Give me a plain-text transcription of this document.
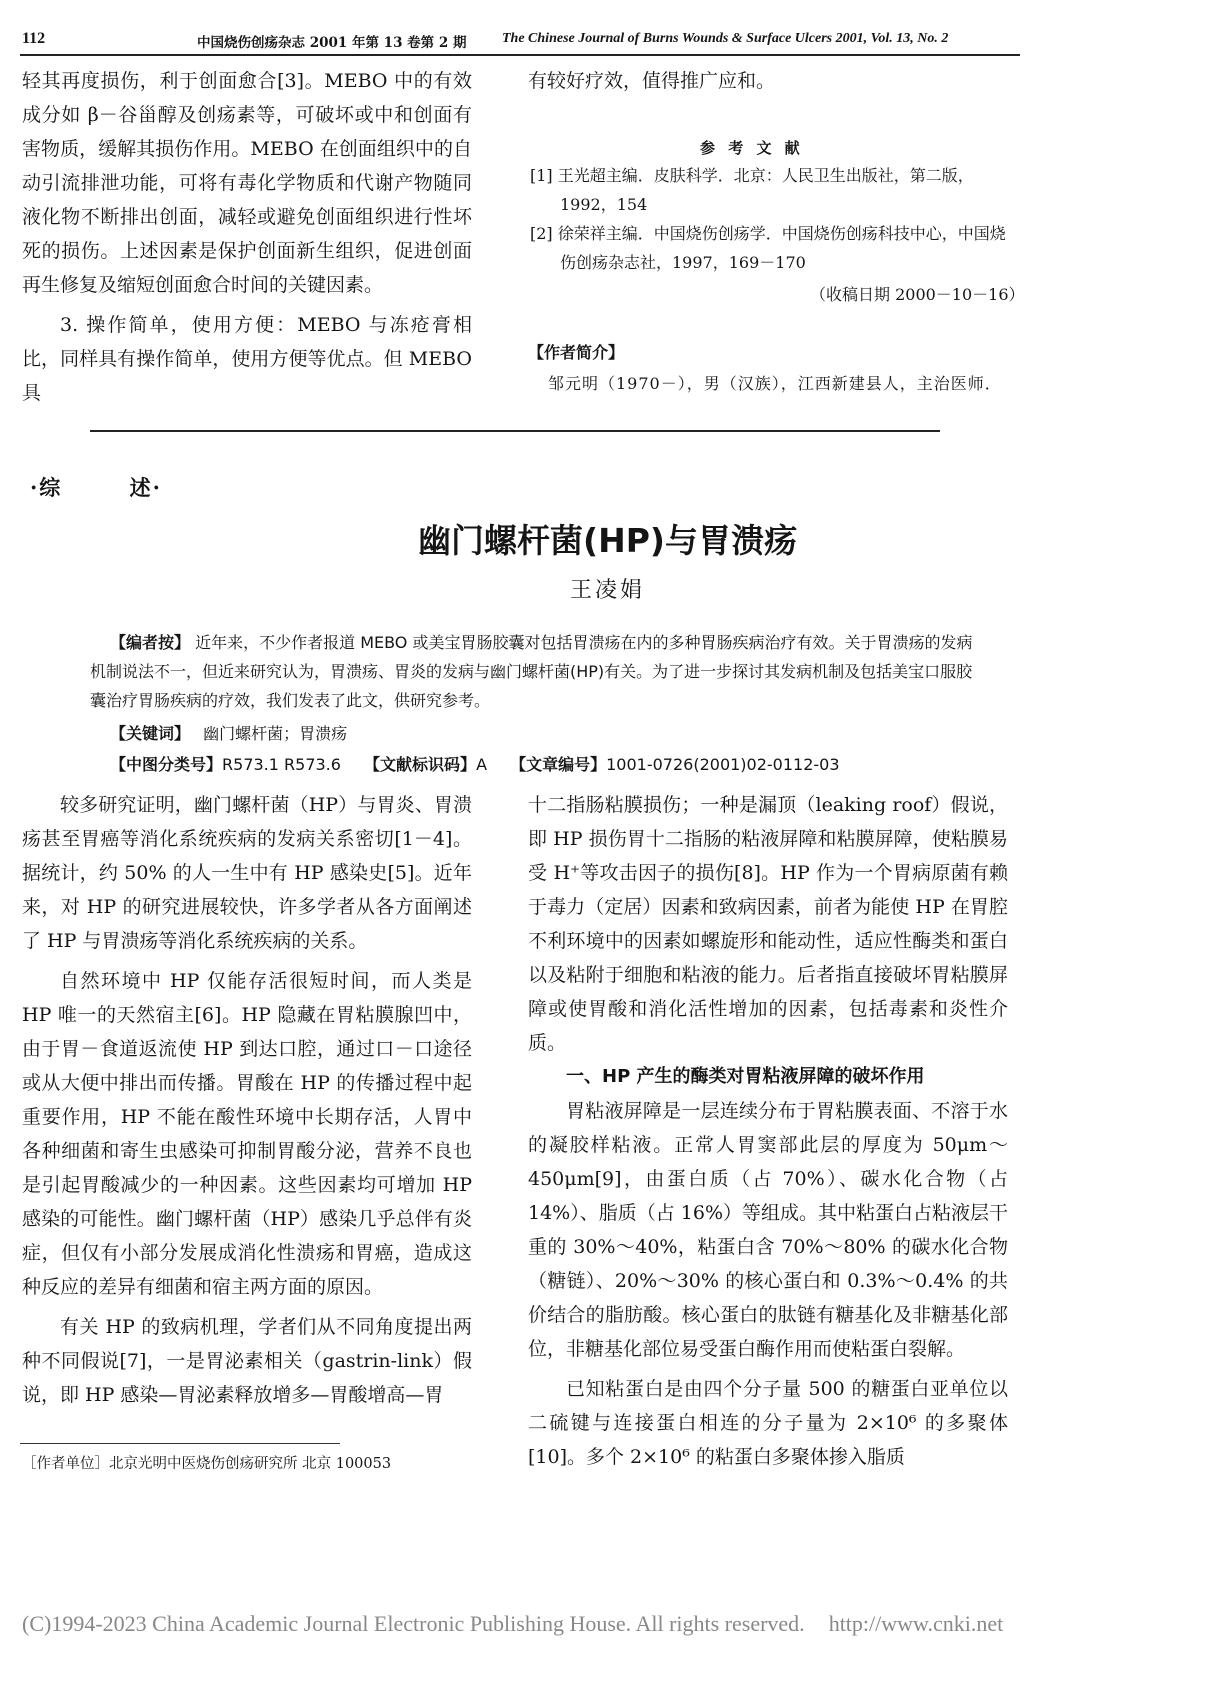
112	中国烧伤创疡杂志 2001 年第 13 卷第 2 期	The Chinese Journal of Burns Wounds & Surface Ulcers 2001, Vol. 13, No. 2

轻其再度损伤，利于创面愈合[3]。MEBO 中的有效成分如 β－谷甾醇及创疡素等，可破坏或中和创面有害物质，缓解其损伤作用。MEBO 在创面组织中的自动引流排泄功能，可将有毒化学物质和代谢产物随同液化物不断排出创面，减轻或避免创面组织进行性坏死的损伤。上述因素是保护创面新生组织，促进创面再生修复及缩短创面愈合时间的关键因素。

3. 操作简单，使用方便：MEBO 与冻疮膏相比，同样具有操作简单，使用方便等优点。但 MEBO 具

有较好疗效，值得推广应和。

参 考 文 献

[1] 王光超主编．皮肤科学．北京：人民卫生出版社，第二版，1992，154

[2] 徐荣祥主编．中国烧伤创疡学．中国烧伤创疡科技中心，中国烧伤创疡杂志社，1997，169－170

（收稿日期 2000－10－16）
【作者简介】
邹元明（1970－），男（汉族），江西新建县人，主治医师．
·综	述·
幽门螺杆菌(HP)与胃溃疡
王凌娟

【编者按】 近年来，不少作者报道 MEBO 或美宝胃肠胶囊对包括胃溃疡在内的多种胃肠疾病治疗有效。关于胃溃疡的发病机制说法不一，但近来研究认为，胃溃疡、胃炎的发病与幽门螺杆菌(HP)有关。为了进一步探讨其发病机制及包括美宝口服胶囊治疗胃肠疾病的疗效，我们发表了此文，供研究参考。

【关键词】 幽门螺杆菌；胃溃疡
【中图分类号】R573.1 R573.6 【文献标识码】A 【文章编号】1001-0726(2001)02-0112-03

较多研究证明，幽门螺杆菌（HP）与胃炎、胃溃疡甚至胃癌等消化系统疾病的发病关系密切[1－4]。据统计，约 50% 的人一生中有 HP 感染史[5]。近年来，对 HP 的研究进展较快，许多学者从各方面阐述了 HP 与胃溃疡等消化系统疾病的关系。

自然环境中 HP 仅能存活很短时间，而人类是 HP 唯一的天然宿主[6]。HP 隐藏在胃粘膜腺凹中，由于胃－食道返流使 HP 到达口腔，通过口－口途径或从大便中排出而传播。胃酸在 HP 的传播过程中起重要作用，HP 不能在酸性环境中长期存活，人胃中各种细菌和寄生虫感染可抑制胃酸分泌，营养不良也是引起胃酸减少的一种因素。这些因素均可增加 HP 感染的可能性。幽门螺杆菌（HP）感染几乎总伴有炎症，但仅有小部分发展成消化性溃疡和胃癌，造成这种反应的差异有细菌和宿主两方面的原因。

有关 HP 的致病机理，学者们从不同角度提出两种不同假说[7]，一是胃泌素相关（gastrin-link）假说，即 HP 感染—胃泌素释放增多—胃酸增高—胃

十二指肠粘膜损伤；一种是漏顶（leaking roof）假说，即 HP 损伤胃十二指肠的粘液屏障和粘膜屏障，使粘膜易受 H⁺等攻击因子的损伤[8]。HP 作为一个胃病原菌有赖于毒力（定居）因素和致病因素，前者为能使 HP 在胃腔不利环境中的因素如螺旋形和能动性，适应性酶类和蛋白以及粘附于细胞和粘液的能力。后者指直接破坏胃粘膜屏障或使胃酸和消化活性增加的因素，包括毒素和炎性介质。

一、HP 产生的酶类对胃粘液屏障的破坏作用

胃粘液屏障是一层连续分布于胃粘膜表面、不溶于水的凝胶样粘液。正常人胃窦部此层的厚度为 50μm～450μm[9]，由蛋白质（占 70%）、碳水化合物（占 14%）、脂质（占 16%）等组成。其中粘蛋白占粘液层干重的 30%～40%，粘蛋白含 70%～80% 的碳水化合物（糖链）、20%～30% 的核心蛋白和 0.3%～0.4% 的共价结合的脂肪酸。核心蛋白的肽链有糖基化及非糖基化部位，非糖基化部位易受蛋白酶作用而使粘蛋白裂解。

已知粘蛋白是由四个分子量 500 的糖蛋白亚单位以二硫键与连接蛋白相连的分子量为 2×10⁶ 的多聚体[10]。多个 2×10⁶ 的粘蛋白多聚体掺入脂质

［作者单位］北京光明中医烧伤创疡研究所 北京 100053
(C)1994-2023 China Academic Journal Electronic Publishing House. All rights reserved. http://www.cnki.net
